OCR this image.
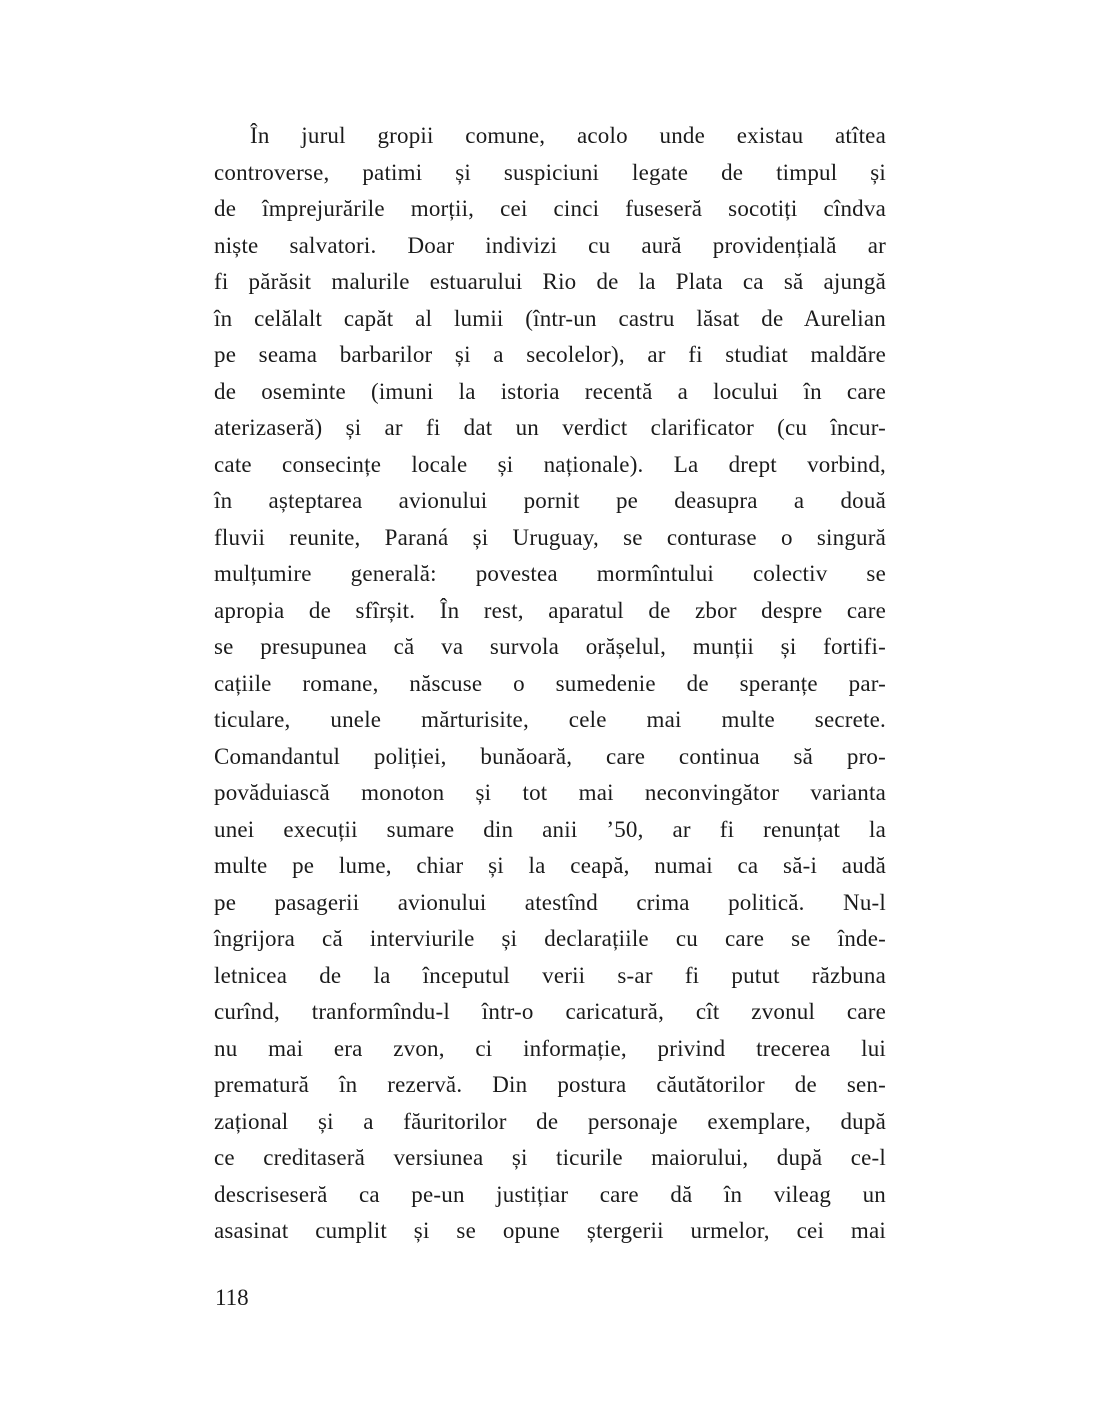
În jurul gropii comune, acolo unde existau atîtea
controverse, patimi și suspiciuni legate de timpul și
de împrejurările morții, cei cinci fuseseră socotiți cîndva
niște salvatori. Doar indivizi cu aură providențială ar
fi părăsit malurile estuarului Rio de la Plata ca să ajungă
în celălalt capăt al lumii (într-un castru lăsat de Aurelian
pe seama barbarilor și a secolelor), ar fi studiat maldăre
de oseminte (imuni la istoria recentă a locului în care
aterizaseră) și ar fi dat un verdict clarificator (cu încur-
cate consecințe locale și naționale). La drept vorbind,
în așteptarea avionului pornit pe deasupra a două
fluvii reunite, Paraná și Uruguay, se conturase o singură
mulțumire generală: povestea mormîntului colectiv se
apropia de sfîrșit. În rest, aparatul de zbor despre care
se presupunea că va survola orășelul, munții și fortifi-
cațiile romane, născuse o sumedenie de speranțe par-
ticulare, unele mărturisite, cele mai multe secrete.
Comandantul poliției, bunăoară, care continua să pro-
povăduiască monoton și tot mai neconvingător varianta
unei execuții sumare din anii ’50, ar fi renunțat la
multe pe lume, chiar și la ceapă, numai ca să-i audă
pe pasagerii avionului atestînd crima politică. Nu-l
îngrijora că interviurile și declarațiile cu care se înde-
letnicea de la începutul verii s-ar fi putut răzbuna
curînd, tranformîndu-l într-o caricatură, cît zvonul care
nu mai era zvon, ci informație, privind trecerea lui
prematură în rezervă. Din postura căutătorilor de sen-
zațional și a făuritorilor de personaje exemplare, după
ce creditaseră versiunea și ticurile maiorului, după ce-l
descriseseră ca pe-un justițiar care dă în vileag un
asasinat cumplit și se opune ștergerii urmelor, cei mai
118
